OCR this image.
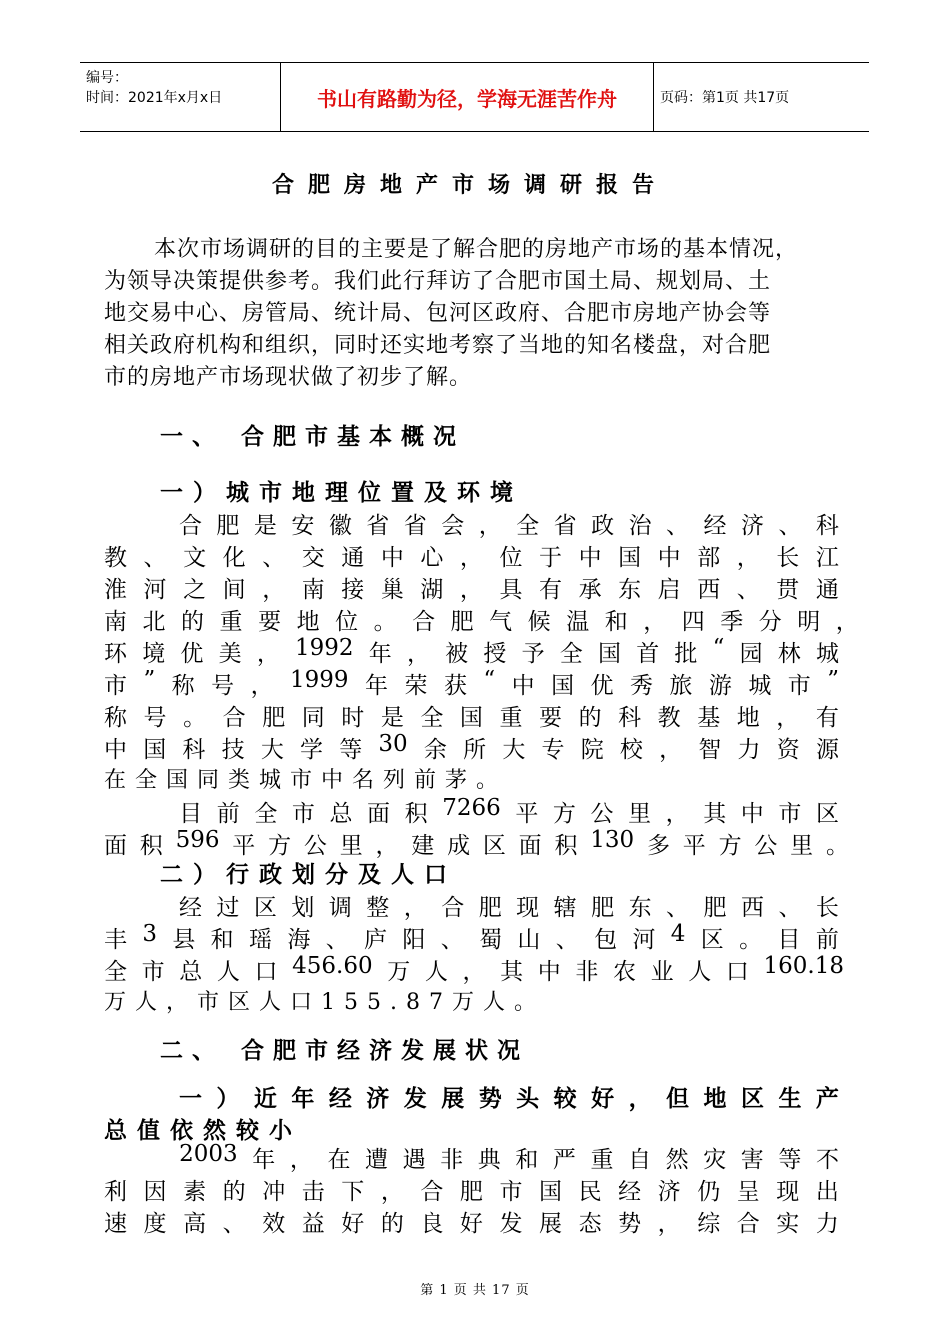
编号：
时间：2021年x月x日	书山有路勤为径，学海无涯苦作舟	页码：第1页 共17页
合肥房地产市场调研报告
本次市场调研的目的主要是了解合肥的房地产市场的基本情况，
为领导决策提供参考。我们此行拜访了合肥市国土局、规划局、土
地交易中心、房管局、统计局、包河区政府、合肥市房地产协会等
相关政府机构和组织，同时还实地考察了当地的知名楼盘，对合肥
市的房地产市场现状做了初步了解。
一、 合肥市基本概况
一）城市地理位置及环境

合 肥 是 安 徽 省 省 会 ， 全 省 政 治 、 经 济 、 科
教 、 文 化 、 交 通 中 心 ， 位 于 中 国 中 部 ， 长 江
淮 河 之 间 ， 南 接 巢 湖 ， 具 有 承 东 启 西 、 贯 通
南 北 的 重 要 地 位 。 合 肥 气 候 温 和 ， 四 季 分 明 ，
环 境 优 美 ， 1992 年 ， 被 授 予 全 国 首 批 “ 园 林 城
市 ” 称 号 ， 1999 年 荣 获 “ 中 国 优 秀 旅 游 城 市 ”
称 号 。 合 肥 同 时 是 全 国 重 要 的 科 教 基 地 ， 有
中 国 科 技 大 学 等 30 余 所 大 专 院 校 ， 智 力 资 源
在全国同类城市中名列前茅。

目 前 全 市 总 面 积 7266 平 方 公 里 ， 其 中 市 区
面 积 596 平 方 公 里 ， 建 成 区 面 积 130 多 平 方 公 里 。
二）行政划分及人口

经 过 区 划 调 整 ， 合 肥 现 辖 肥 东 、 肥 西 、 长
丰 3 县 和 瑶 海 、 庐 阳 、 蜀 山 、 包 河 4 区 。 目 前
全 市 总 人 口 456.60 万 人 ， 其 中 非 农 业 人 口 160.18
万人，市区人口155.87万人。
二、 合肥市经济发展状况

一 ） 近 年 经 济 发 展 势 头 较 好 ， 但 地 区 生 产
总值依然较小

2003 年 ， 在 遭 遇 非 典 和 严 重 自 然 灾 害 等 不
利 因 素 的 冲 击 下 ， 合 肥 市 国 民 经 济 仍 呈 现 出
速 度 高 、 效 益 好 的 良 好 发 展 态 势 ， 综 合 实 力
第 1 页 共 17 页
